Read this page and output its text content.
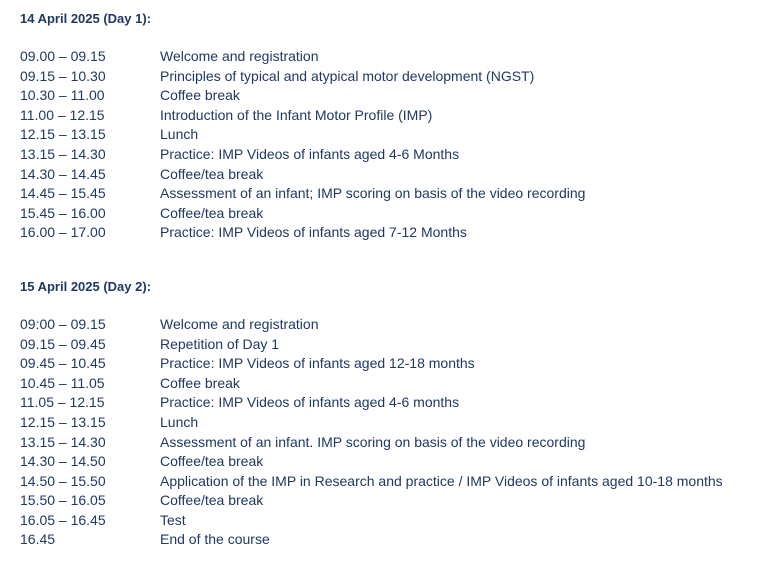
14 April 2025 (Day 1):
09.00 – 09.15	Welcome and registration
09.15 – 10.30	Principles of typical and atypical motor development (NGST)
10.30 – 11.00	Coffee break
11.00 – 12.15	Introduction of the Infant Motor Profile (IMP)
12.15 – 13.15	Lunch
13.15 – 14.30	Practice: IMP Videos of infants aged 4-6 Months
14.30 – 14.45	Coffee/tea break
14.45 – 15.45	Assessment of an infant; IMP scoring on basis of the video recording
15.45 – 16.00	Coffee/tea break
16.00 – 17.00	Practice: IMP Videos of infants aged 7-12 Months
15 April 2025 (Day 2):
09:00 – 09.15	Welcome and registration
09.15 – 09.45	Repetition of Day 1
09.45 – 10.45	Practice: IMP Videos of infants aged 12-18 months
10.45 – 11.05	Coffee break
11.05 – 12.15	Practice: IMP Videos of infants aged 4-6 months
12.15 – 13.15	Lunch
13.15 – 14.30	Assessment of an infant. IMP scoring on basis of the video recording
14.30 – 14.50	Coffee/tea break
14.50 – 15.50	Application of the IMP in Research and practice / IMP Videos of infants aged 10-18 months
15.50 – 16.05	Coffee/tea break
16.05 – 16.45	Test
16.45	End of the course
